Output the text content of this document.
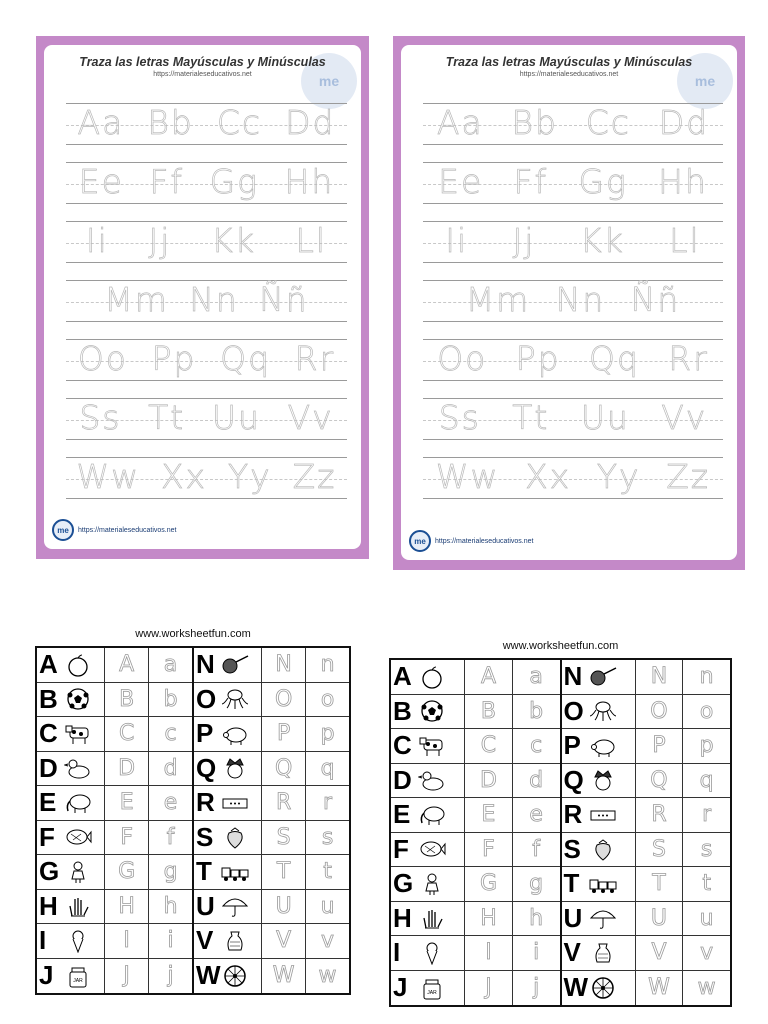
me
Traza las letras Mayúsculas y Minúsculas
https://materialeseducativos.net
Aa Bb Cc Dd
Ee Ff Gg Hh
Ii Jj Kk Ll
Mm Nn Ññ
Oo Pp Qq Rr
Ss Tt Uu Vv
Ww Xx Yy Zz
me	https://materialeseducativos.net
me
Traza las letras Mayúsculas y Minúsculas
https://materialeseducativos.net
Aa Bb Cc Dd
Ee Ff Gg Hh
Ii Jj Kk Ll
Mm Nn Ññ
Oo Pp Qq Rr
Ss Tt Uu Vv
Ww Xx Yy Zz
me	https://materialeseducativos.net
www.worksheetfun.com
A	A	a
B	B	b
C	C	c
D	D	d
E	E	e
F	F	f
G	G	g
H	H	h
I	I	i
J	JAR	J	j
N	N	n
O	O	o
P	P	p
Q	Q	q
R	R	r
S	S	s
T	T	t
U	U	u
V	V	v
W	W	w
www.worksheetfun.com
A	A	a
B	B	b
C	C	c
D	D	d
E	E	e
F	F	f
G	G	g
H	H	h
I	I	i
J	JAR	J	j
N	N	n
O	O	o
P	P	p
Q	Q	q
R	R	r
S	S	s
T	T	t
U	U	u
V	V	v
W	W	w
